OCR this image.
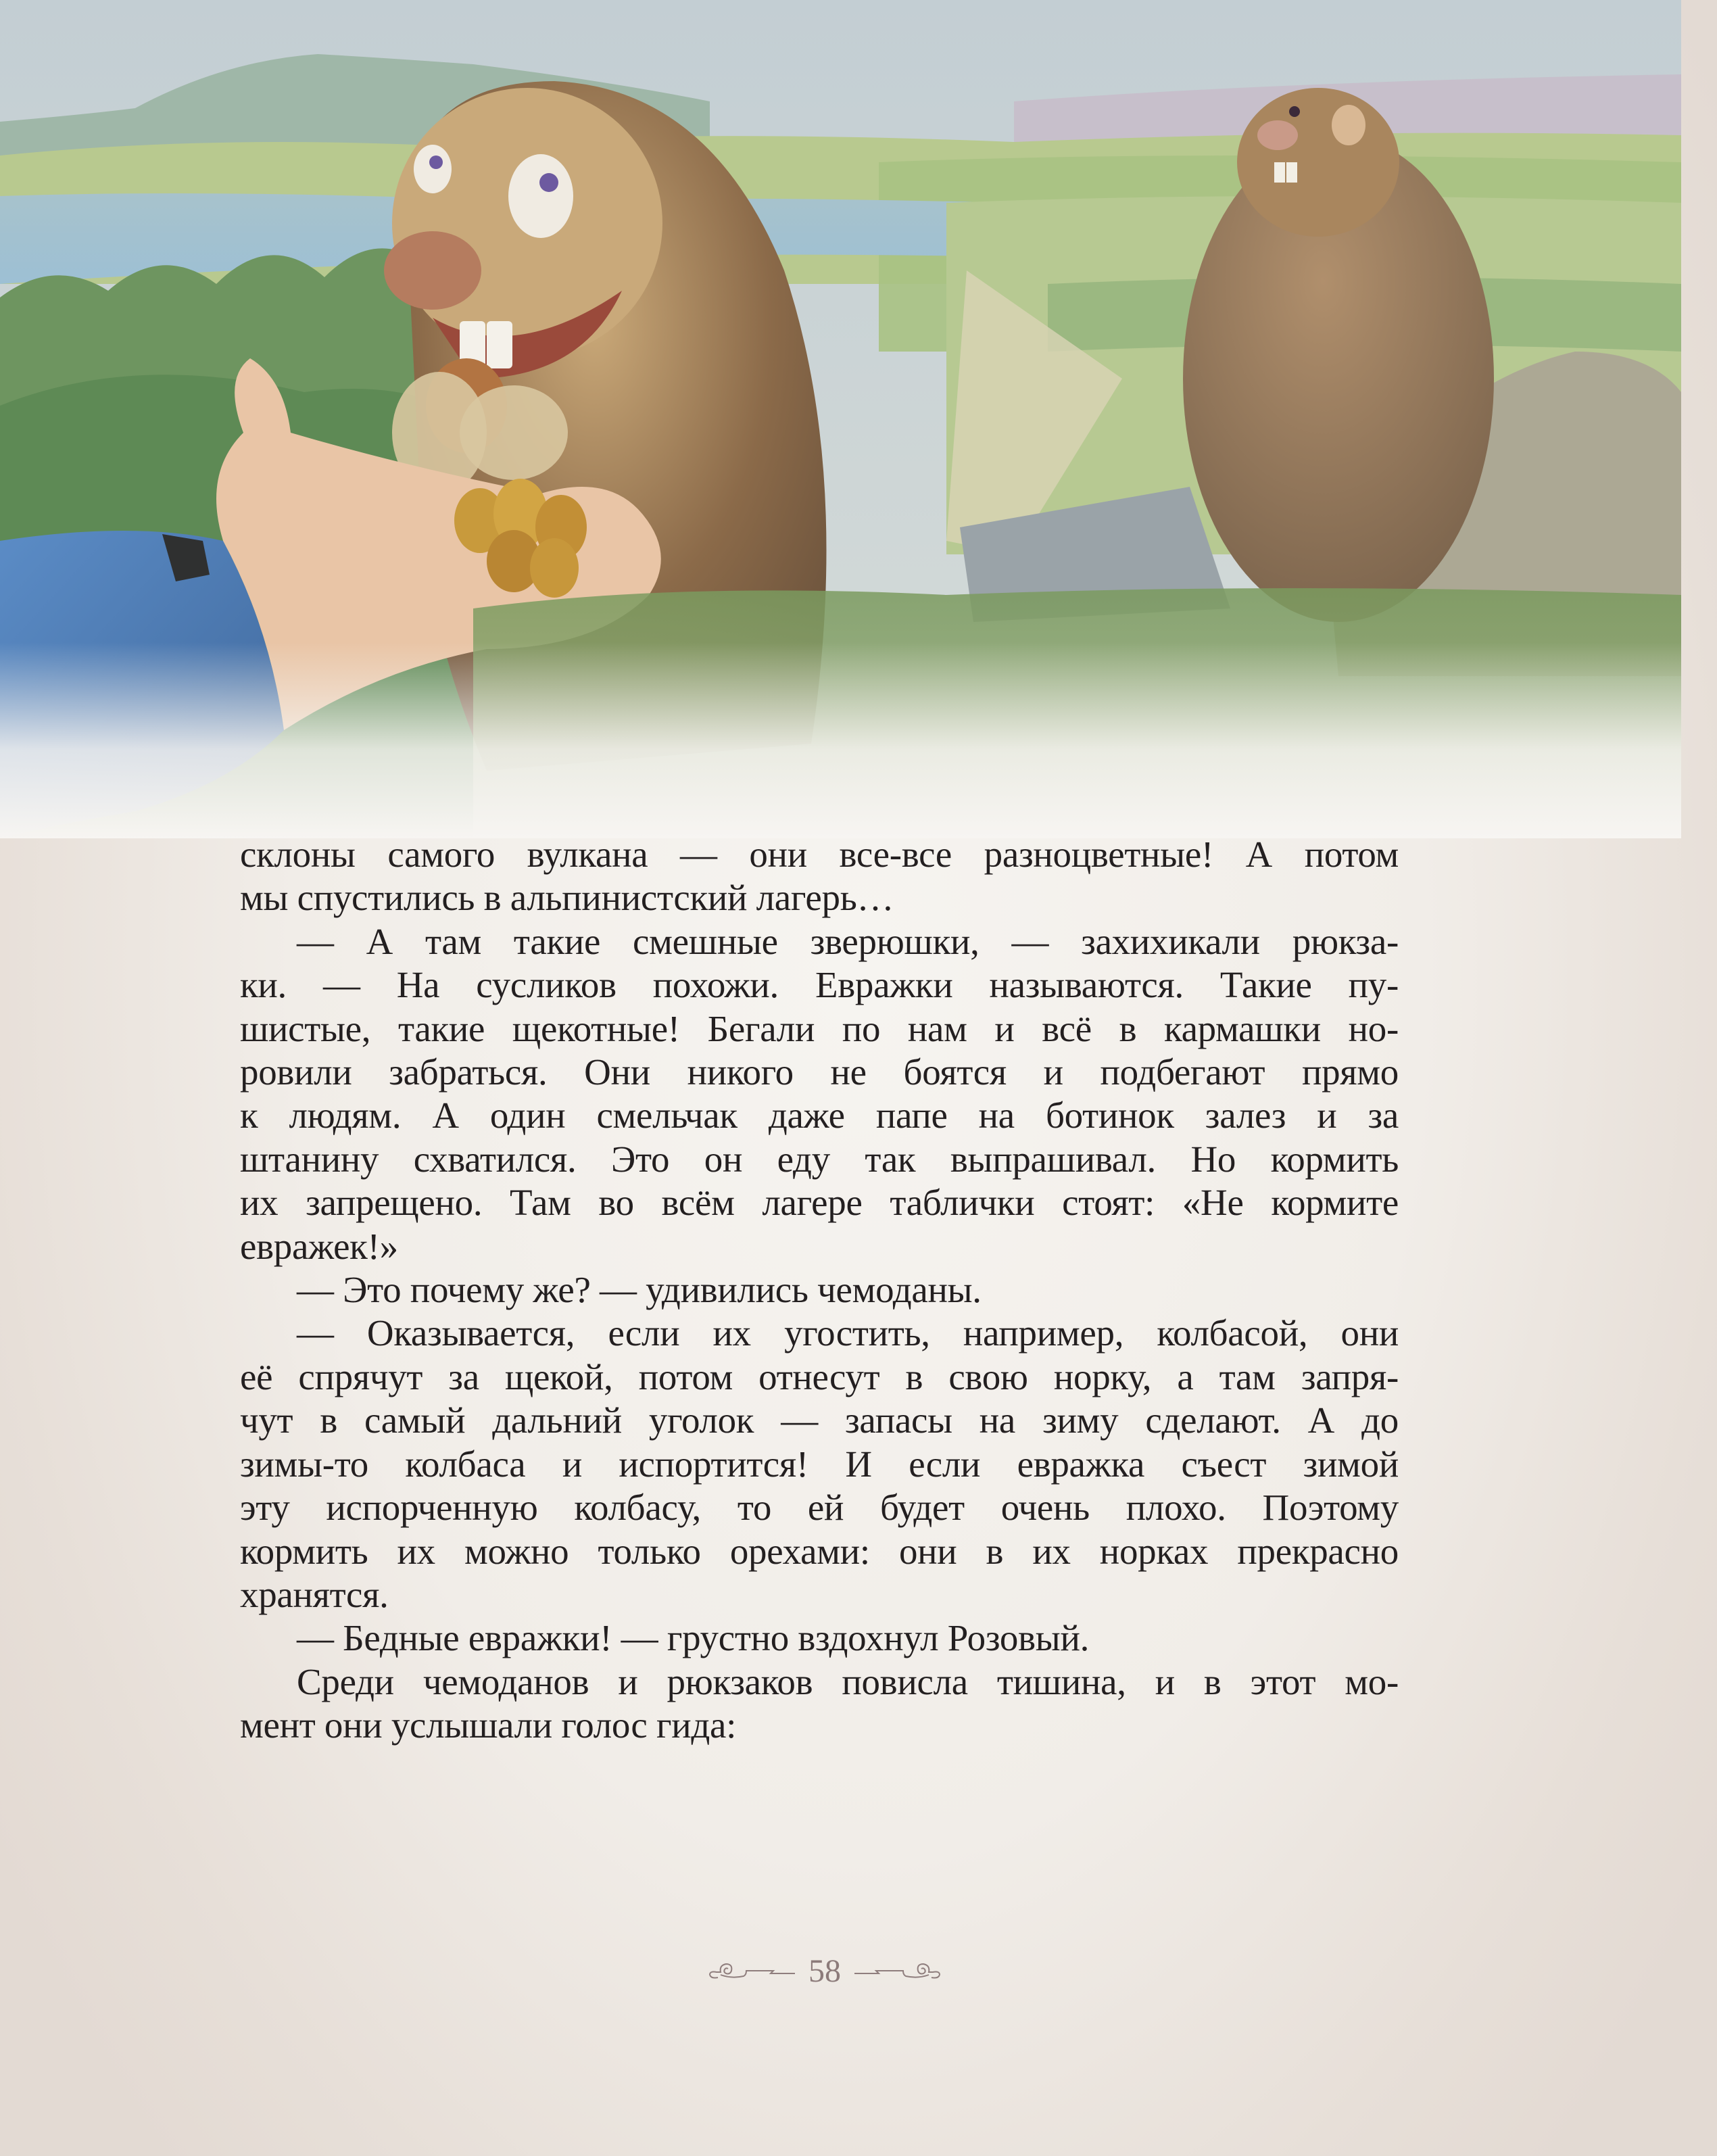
склоны самого вулкана — они все-все разноцветные! А потом
мы спустились в альпинистский лагерь…
— А там такие смешные зверюшки, — захихикали рюкза-
ки. — На сусликов похожи. Евражки называются. Такие пу-
шистые, такие щекотные! Бегали по нам и всё в кармашки но-
ровили забраться. Они никого не боятся и подбегают прямо
к людям. А один смельчак даже папе на ботинок залез и за
штанину схватился. Это он еду так выпрашивал. Но кормить
их запрещено. Там во всём лагере таблички стоят: «Не кормите
евражек!»
— Это почему же? — удивились чемоданы.
— Оказывается, если их угостить, например, колбасой, они
её спрячут за щекой, потом отнесут в свою норку, а там запря-
чут в самый дальний уголок — запасы на зиму сделают. А до
зимы-то колбаса и испортится! И если евражка съест зимой
эту испорченную колбасу, то ей будет очень плохо. Поэтому
кормить их можно только орехами: они в их норках прекрасно
хранятся.
— Бедные евражки! — грустно вздохнул Розовый.
Среди чемоданов и рюкзаков повисла тишина, и в этот мо-
мент они услышали голос гида:
58
